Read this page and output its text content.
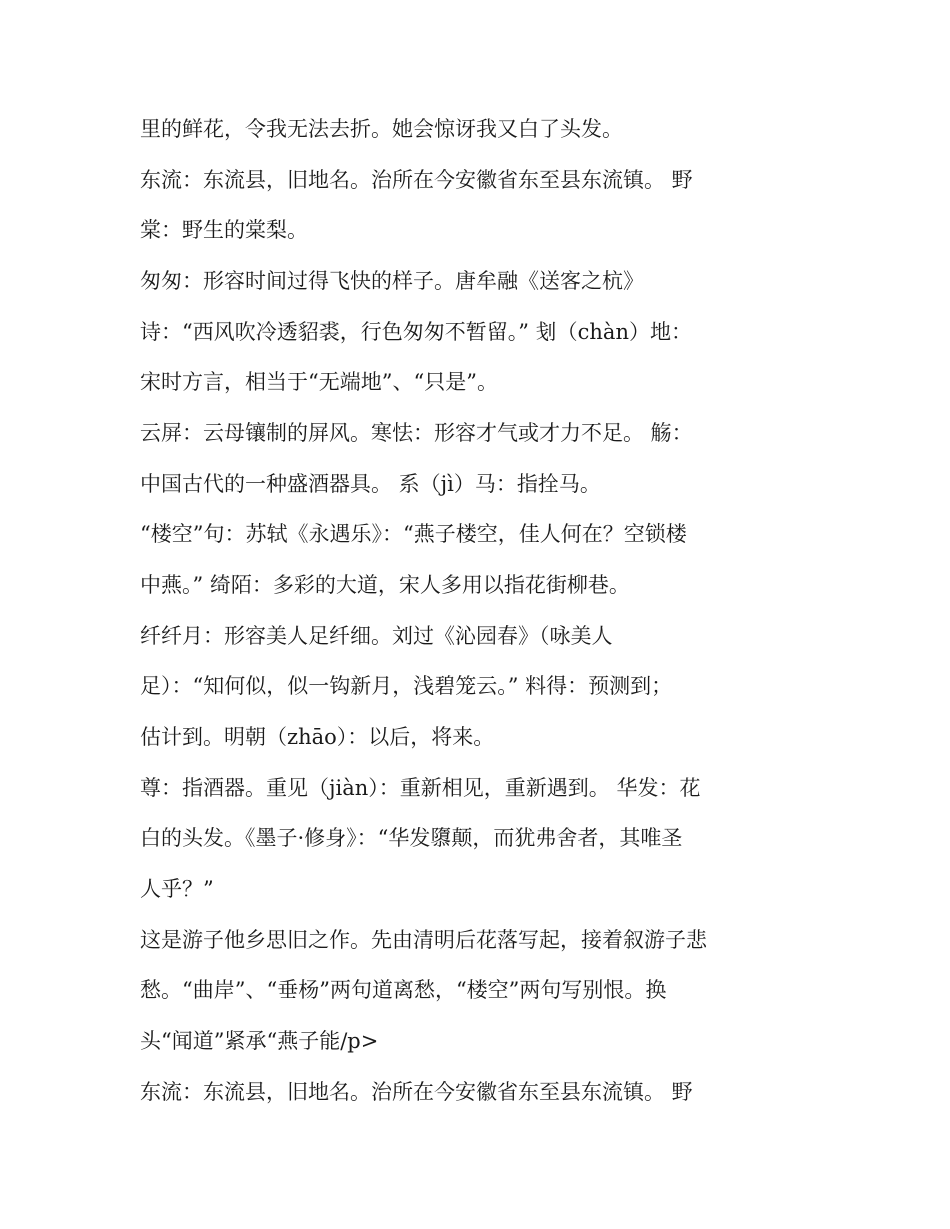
里的鲜花，令我无法去折。她会惊讶我又白了头发。

东流：东流县，旧地名。治所在今安徽省东至县东流镇。 野

棠：野生的棠梨。

匆匆：形容时间过得飞快的样子。唐牟融《送客之杭》

诗：“西风吹冷透貂裘，行色匆匆不暂留。” 刬（chàn）地：

宋时方言，相当于“无端地”、“只是”。

云屏：云母镶制的屏风。寒怯：形容才气或才力不足。 觞：

中国古代的一种盛酒器具。 系（jì）马：指拴马。

“楼空”句：苏轼《永遇乐》：“燕子楼空，佳人何在？空锁楼

中燕。” 绮陌：多彩的大道，宋人多用以指花街柳巷。

纤纤月：形容美人足纤细。刘过《沁园春》（咏美人

足）：“知何似，似一钩新月，浅碧笼云。” 料得：预测到；

估计到。明朝（zhāo）：以后，将来。

尊：指酒器。重见（jiàn）：重新相见，重新遇到。 华发：花

白的头发。《墨子·修身》：“华发隳颠，而犹弗舍者，其唯圣

人乎？”

这是游子他乡思旧之作。先由清明后花落写起，接着叙游子悲

愁。“曲岸”、“垂杨”两句道离愁，“楼空”两句写别恨。换

头“闻道”紧承“燕子能/p>

东流：东流县，旧地名。治所在今安徽省东至县东流镇。 野
